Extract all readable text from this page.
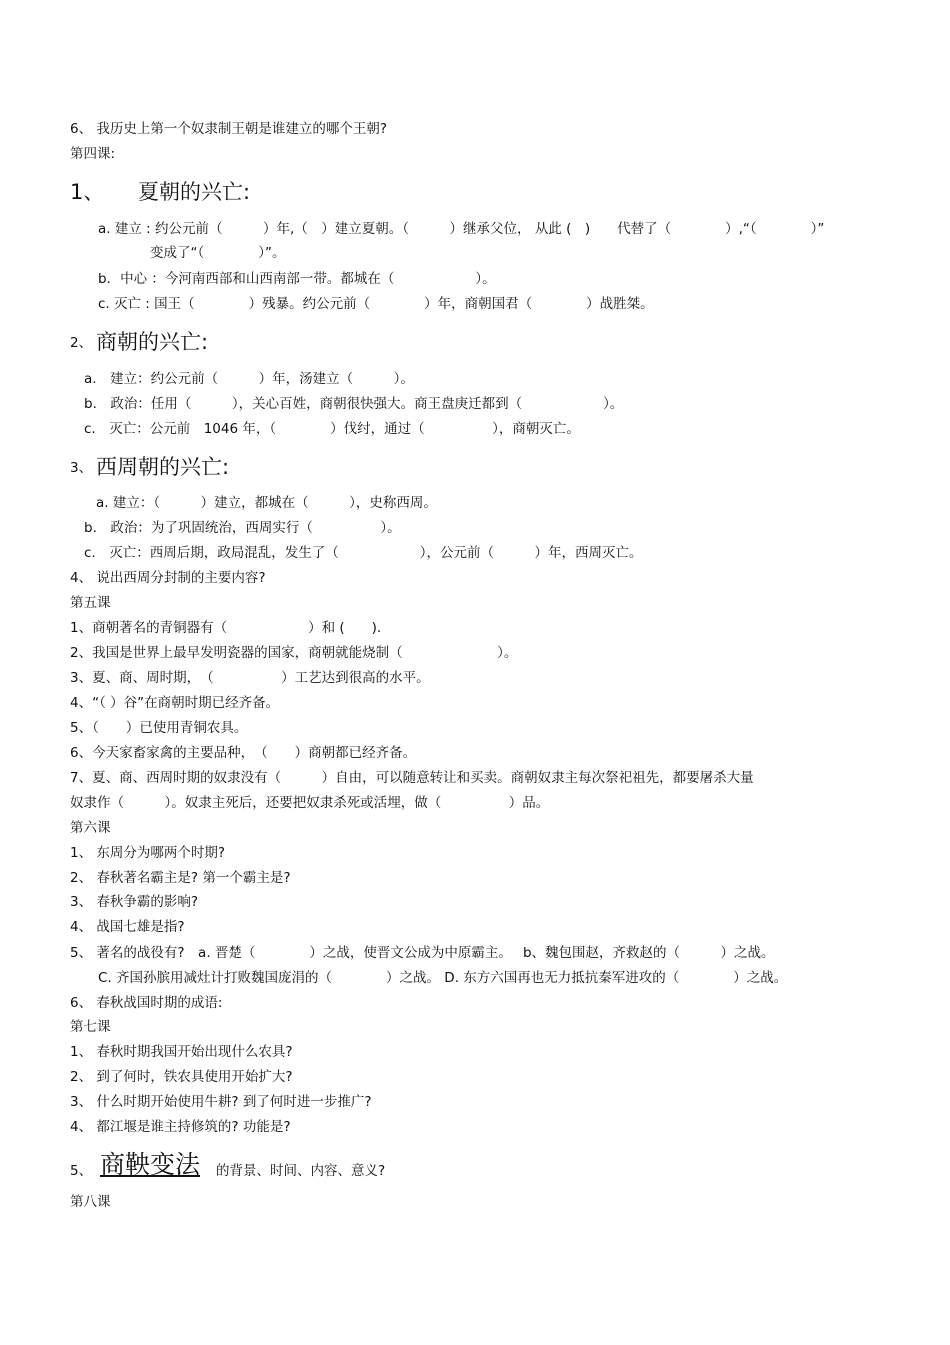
6、 我历史上第一个奴隶制王朝是谁建立的哪个王朝?
第四课:
1、 夏朝的兴亡:
a. 建立 : 约公元前（　　　）年,（　）建立夏朝。（　　　）继承父位， 从此 (　)　　代替了（　　　　）,“（　　　　）”
变成了“（　　　　）”。
b．中心 ：今河南西部和山西南部一带。都城在（　　　　　　）。
c. 灭亡 : 国王（　　　　）残暴。约公元前（　　　　）年，商朝国君（　　　　）战胜桀。
2、 商朝的兴亡:
a.　建立：约公元前（　　　）年，汤建立（　　　）。
b.　政治：任用（　　　），关心百姓，商朝很快强大。商王盘庚迁都到（　　　　　　）。
c.　灭亡：公元前　1046 年，（　　　　）伐纣，通过（　　　　　），商朝灭亡。
3、 西周朝的兴亡:
a. 建立：（　　　）建立，都城在（　　　），史称西周。
b.　政治：为了巩固统治，西周实行（　　　　　）。
c.　灭亡：西周后期，政局混乱，发生了（　　　　　　），公元前（　　　）年，西周灭亡。
4、 说出西周分封制的主要内容?
第五课
1、商朝著名的青铜器有（　　　　　　）和 (　　).
2、我国是世界上最早发明瓷器的国家，商朝就能烧制（　　　　　　　）。
3、夏、商、周时期，　（　　　　　）工艺达到很高的水平。
4、“（ ）谷”在商朝时期已经齐备。
5、（　　）已使用青铜农具。
6、今天家畜家禽的主要品种，　（　　）商朝都已经齐备。
7、夏、商、西周时期的奴隶没有（　　　）自由，可以随意转让和买卖。商朝奴隶主每次祭祀祖先，都要屠杀大量
奴隶作（　　　）。奴隶主死后，还要把奴隶杀死或活埋，做（　　　　　）品。
第六课
1、 东周分为哪两个时期?
2、 春秋著名霸主是? 第一个霸主是?
3、 春秋争霸的影响?
4、 战国七雄是指?
5、 著名的战役有?　a. 晋楚（　　　　）之战，使晋文公成为中原霸主。　 b、魏包围赵，齐救赵的（　　　）之战。
C. 齐国孙膑用减灶计打败魏国庞涓的（　　　　）之战。 D. 东方六国再也无力抵抗秦军进攻的（　　　　）之战。
6、 春秋战国时期的成语:
第七课
1、 春秋时期我国开始出现什么农具?
2、 到了何时，铁农具使用开始扩大?
3、 什么时期开始使用牛耕? 到了何时进一步推广?
4、 都江堰是谁主持修筑的? 功能是?
5、 商鞅变法 的背景、时间、内容、意义?
第八课
